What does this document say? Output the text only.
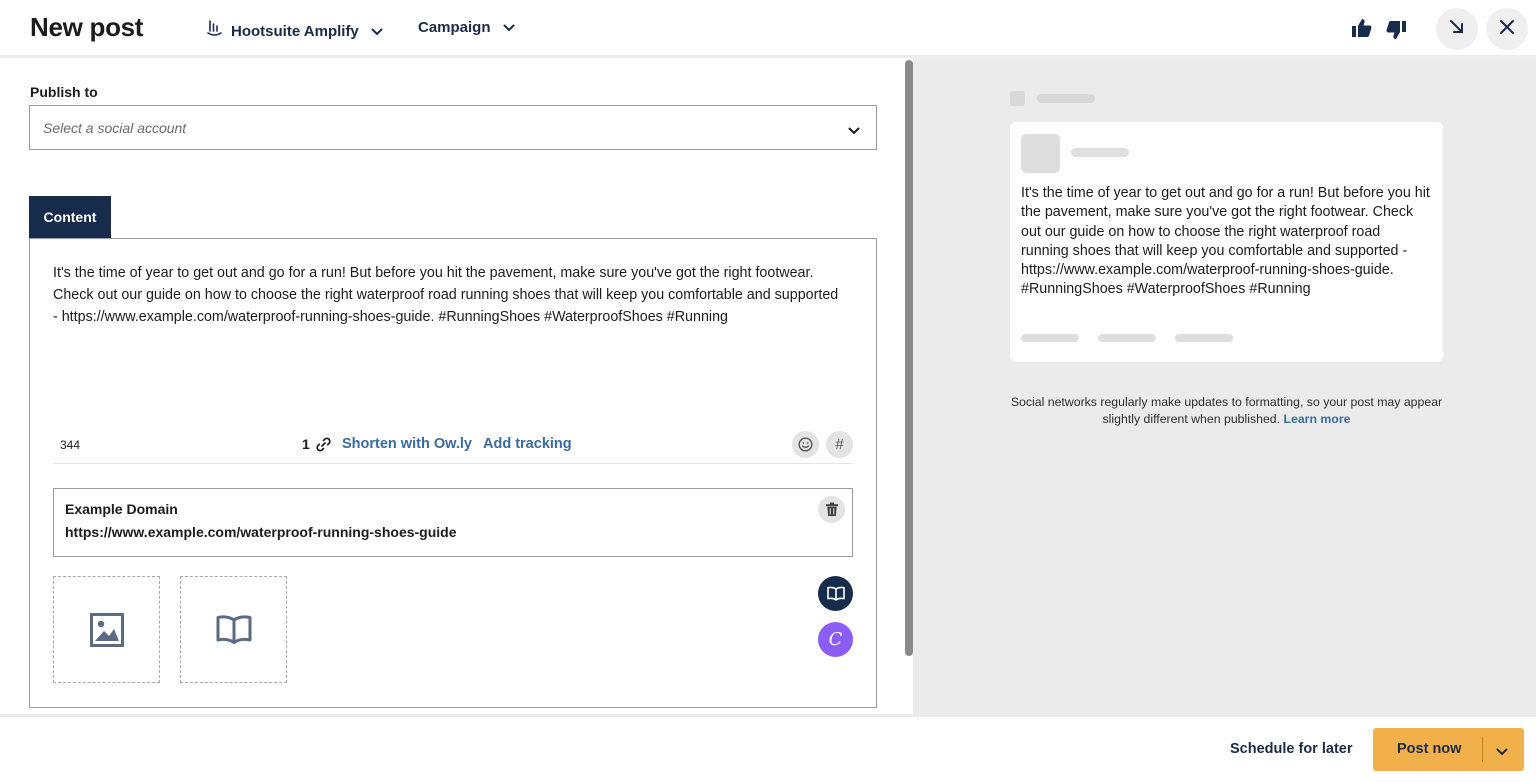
New post	Hootsuite Amplify	Campaign
Publish to
Select a social account
Content
It's the time of year to get out and go for a run! But before you hit the pavement, make sure you've got the right footwear. Check out our guide on how to choose the right waterproof road running shoes that will keep you comfortable and supported - https://www.example.com/waterproof-running-shoes-guide. #RunningShoes #WaterproofShoes #Running
344	1 Shorten with Ow.ly Add tracking	#
Example Domain
https://www.example.com/waterproof-running-shoes-guide
C
It's the time of year to get out and go for a run! But before you hit the pavement, make sure you've got the right footwear. Check out our guide on how to choose the right waterproof road running shoes that will keep you comfortable and supported - https://www.example.com/waterproof-running-shoes-guide. #RunningShoes #WaterproofShoes #Running
Social networks regularly make updates to formatting, so your post may appear slightly different when published. Learn more
Schedule for later	Post now
